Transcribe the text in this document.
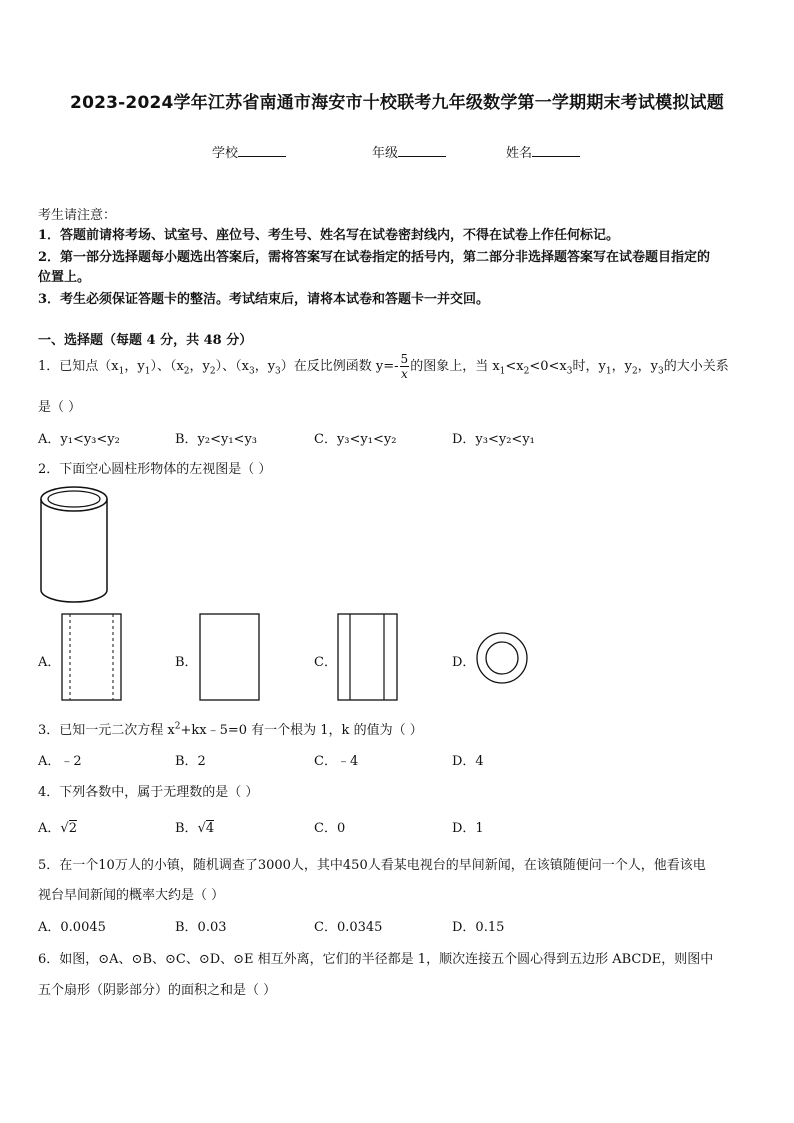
2023-2024学年江苏省南通市海安市十校联考九年级数学第一学期期末考试模拟试题
学校	年级	姓名
考生请注意：
1．答题前请将考场、试室号、座位号、考生号、姓名写在试卷密封线内，不得在试卷上作任何标记。
2．第一部分选择题每小题选出答案后，需将答案写在试卷指定的括号内，第二部分非选择题答案写在试卷题目指定的
位置上。
3．考生必须保证答题卡的整洁。考试结束后，请将本试卷和答题卡一并交回。
一、选择题（每题 4 分，共 48 分）
1．已知点（$x_1$，$y_1$）、（$x_2$，$y_2$）、（$x_3$，$y_3$）在反比例函数 $y=- \frac{5}{x}$ 的图象上，当 $x_1<x_2<0<x_3$时，$y_1$，$y_2$，$y_3$的大小关系
是（ ）
A．y₁<y₃<y₂	B．y₂<y₁<y₃	C．y₃<y₁<y₂	D．y₃<y₂<y₁
2．下面空心圆柱形物体的左视图是（ ）
A．	B．	C．	D．
3．已知一元二次方程 $x^2+kx﹣5=0$ 有一个根为 1，k 的值为（ ）
A．﹣2	B．2	C．﹣4	D．4
4．下列各数中，属于无理数的是（ ）
A．√2	B．√4	C．0	D．1
5．在一个10万人的小镇，随机调查了3000人，其中450人看某电视台的早间新闻，在该镇随便问一个人，他看该电
视台早间新闻的概率大约是（ ）
A．0.0045	B．0.03	C．0.0345	D．0.15
6．如图，⊙A、⊙B、⊙C、⊙D、⊙E 相互外离，它们的半径都是 1，顺次连接五个圆心得到五边形 ABCDE，则图中
五个扇形（阴影部分）的面积之和是（ ）
